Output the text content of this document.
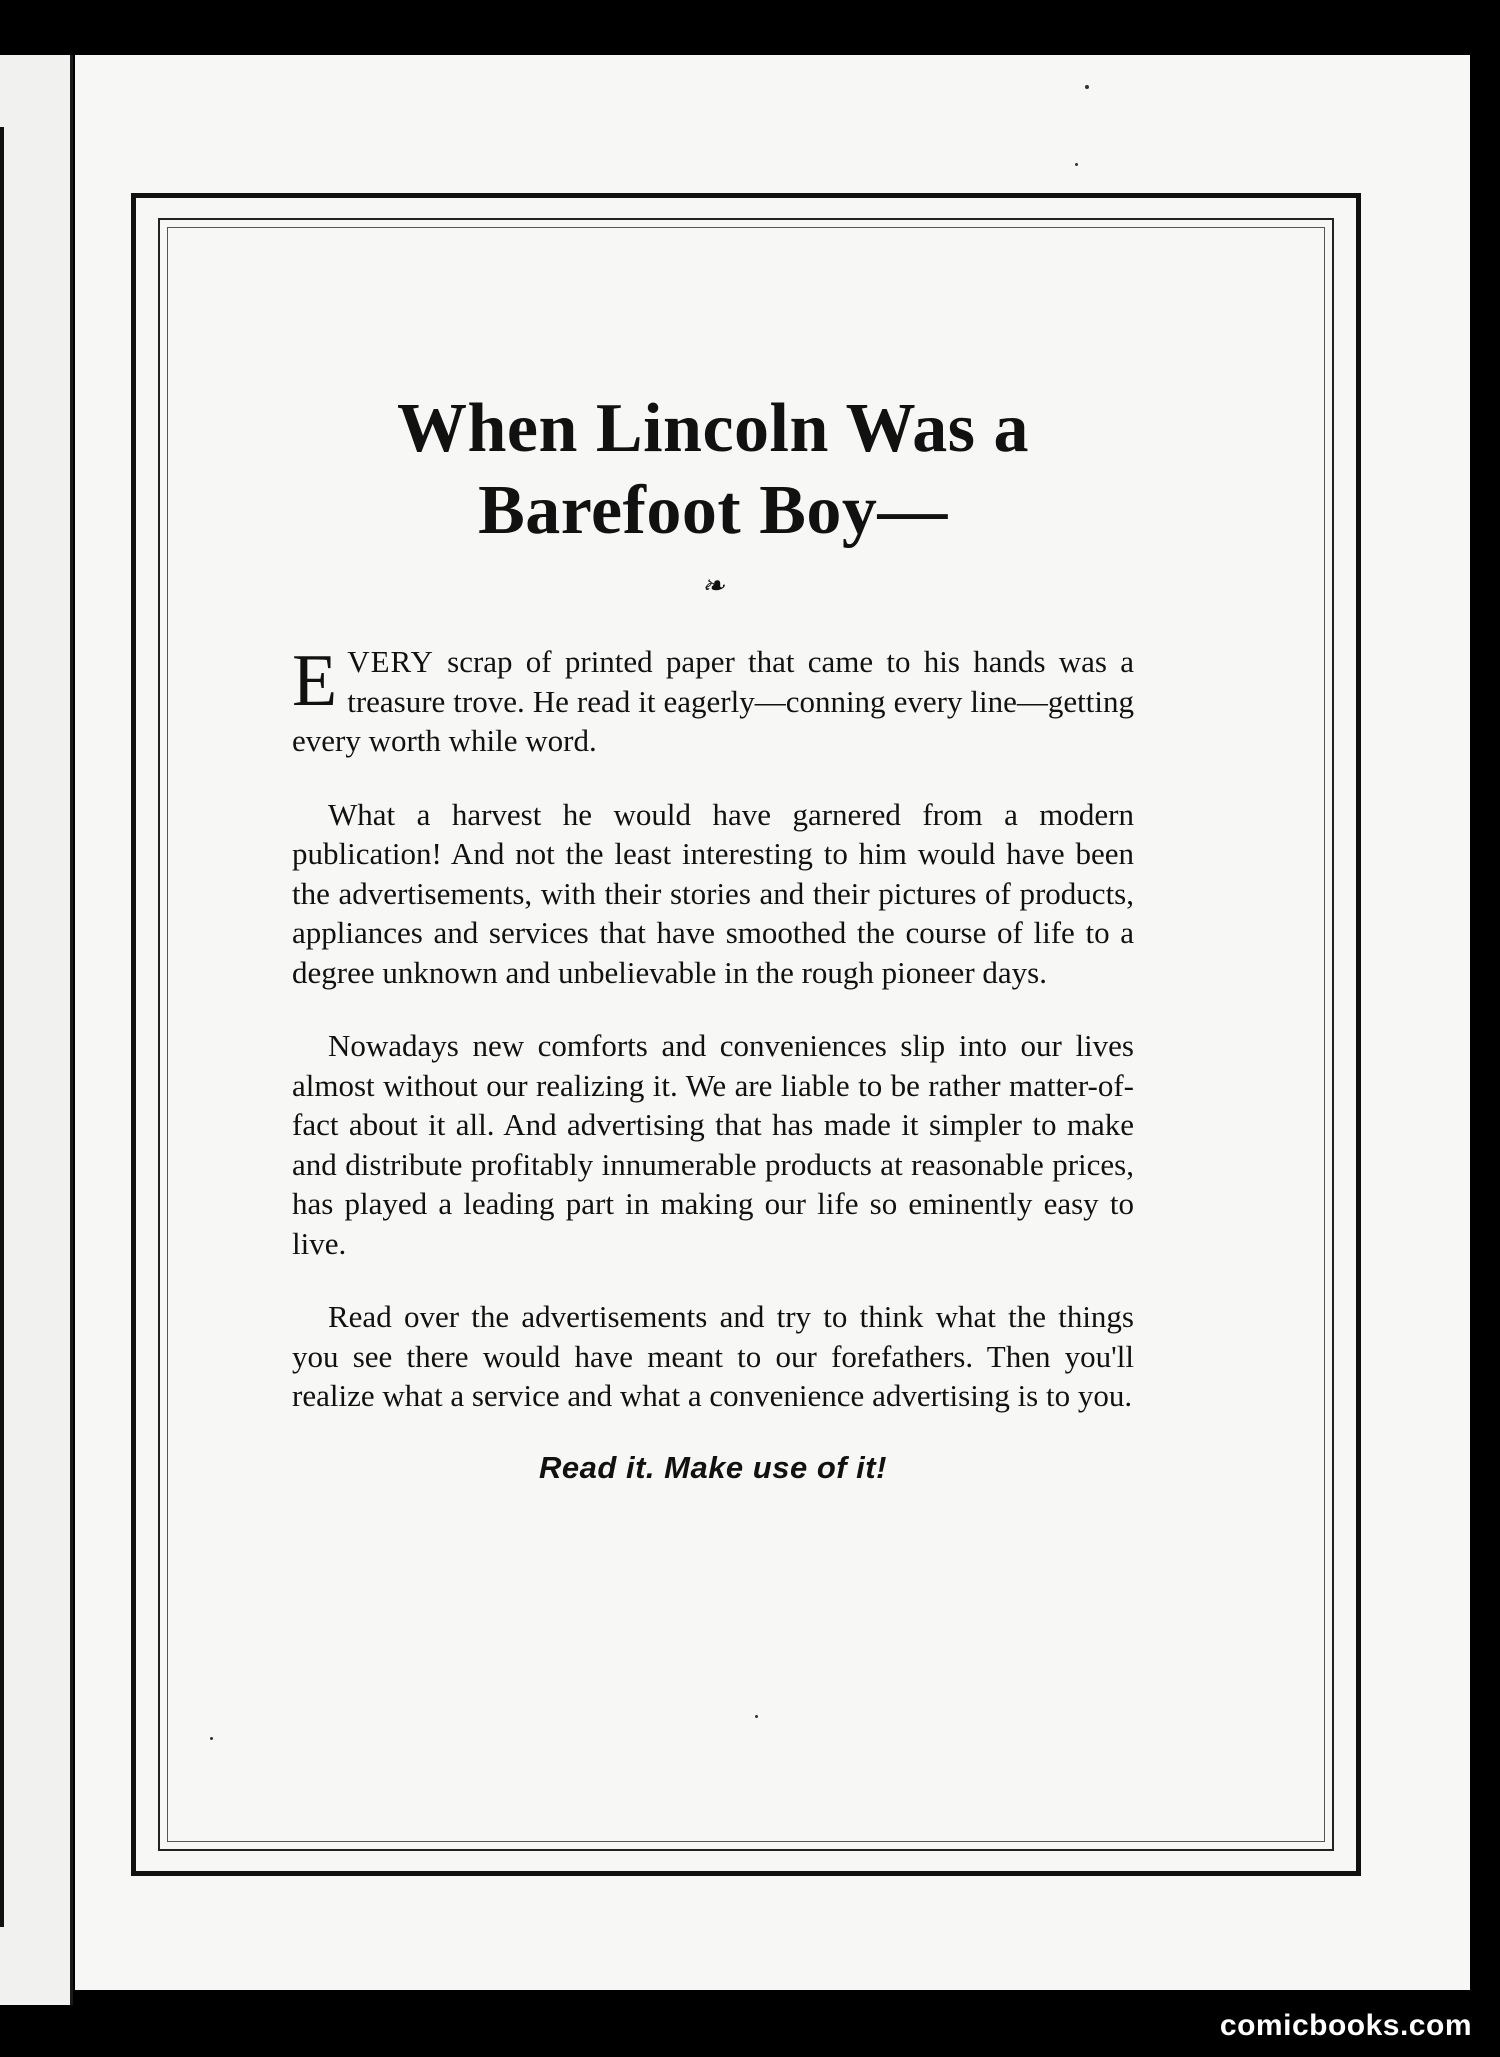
When Lincoln Was a Barefoot Boy—
❧

EVERY scrap of printed paper that came to his hands was a treasure trove. He read it eagerly—conning every line—getting every worth while word.

What a harvest he would have garnered from a modern publication! And not the least interesting to him would have been the advertisements, with their stories and their pictures of products, appliances and services that have smoothed the course of life to a degree unknown and unbelievable in the rough pioneer days.

Nowadays new comforts and conveniences slip into our lives almost without our realizing it. We are liable to be rather matter-of-fact about it all. And advertising that has made it simpler to make and distribute profitably innumerable products at reasonable prices, has played a leading part in making our life so eminently easy to live.

Read over the advertisements and try to think what the things you see there would have meant to our forefathers. Then you'll realize what a service and what a convenience advertising is to you.

Read it. Make use of it!
comicbooks.com
